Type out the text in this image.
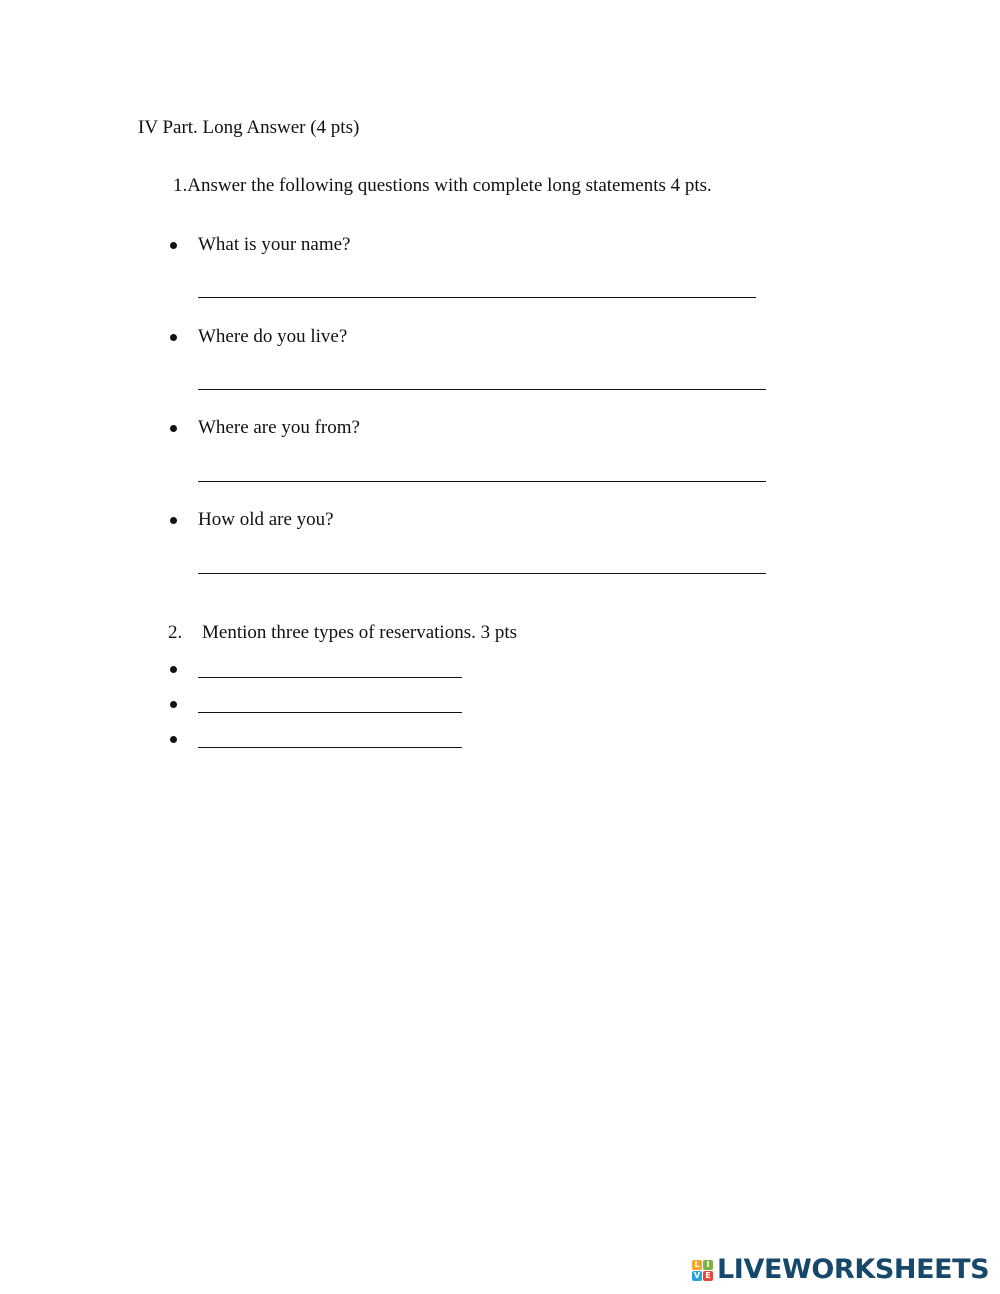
IV Part. Long Answer (4 pts)
1.Answer the following questions with complete long statements 4 pts.
What is your name?
Where do you live?
Where are you from?
How old are you?
2. Mention three types of reservations. 3 pts
L I
V E LIVEWORKSHEETS
